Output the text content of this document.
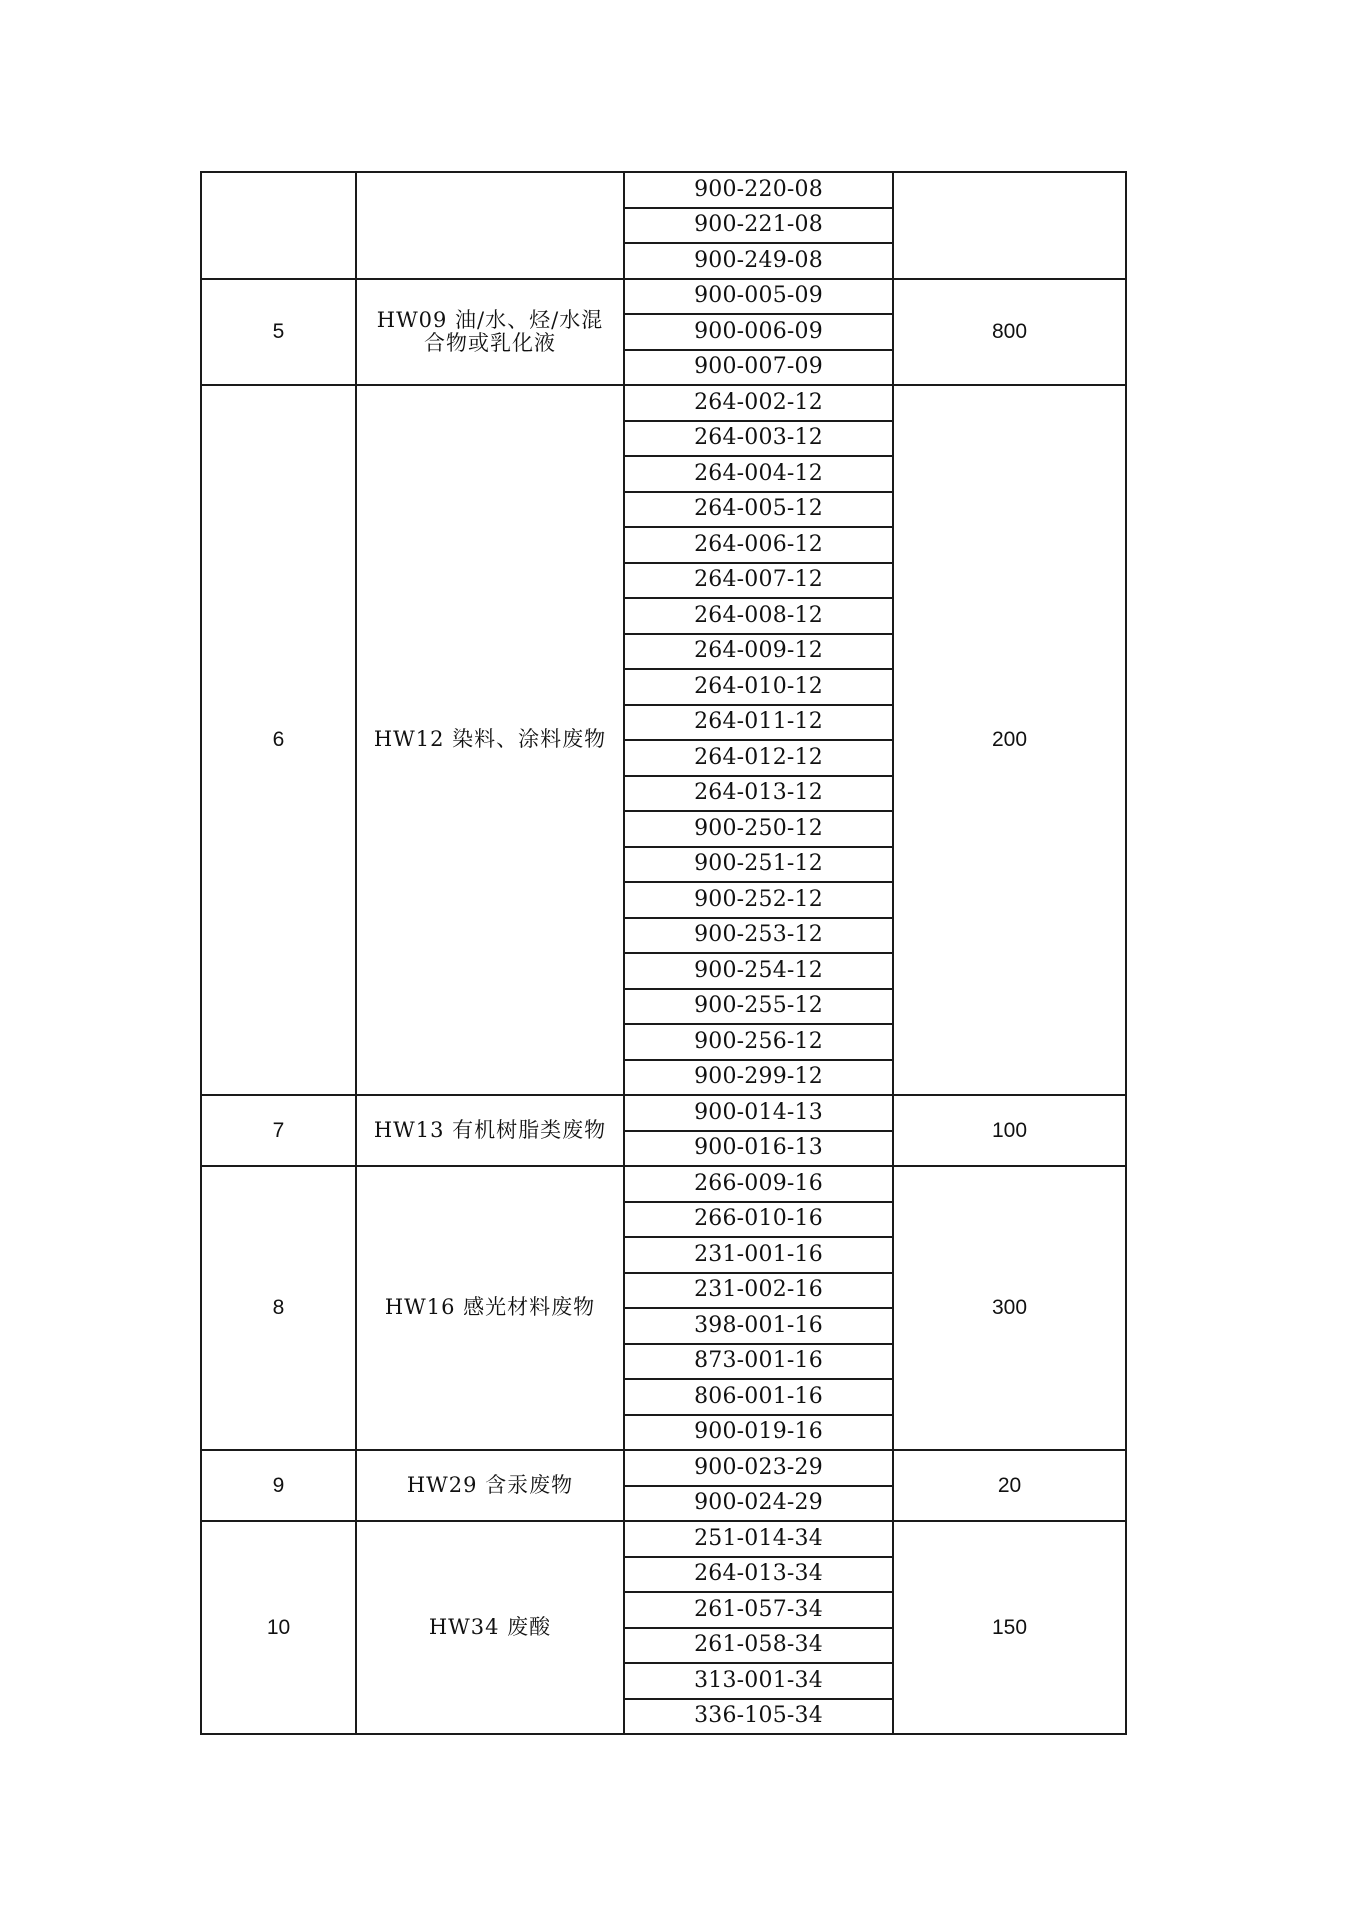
		900-220-08	
		900-221-08	
		900-249-08	
5	HW09 油/水、烃/水混合物或乳化液	900-005-09	800
		900-006-09	
		900-007-09	
6	HW12 染料、涂料废物	264-002-12	200
		264-003-12	
		264-004-12	
		264-005-12	
		264-006-12	
		264-007-12	
		264-008-12	
		264-009-12	
		264-010-12	
		264-011-12	
		264-012-12	
		264-013-12	
		900-250-12	
		900-251-12	
		900-252-12	
		900-253-12	
		900-254-12	
		900-255-12	
		900-256-12	
		900-299-12	
7	HW13 有机树脂类废物	900-014-13	100
		900-016-13	
8	HW16 感光材料废物	266-009-16	300
		266-010-16	
		231-001-16	
		231-002-16	
		398-001-16	
		873-001-16	
		806-001-16	
		900-019-16	
9	HW29 含汞废物	900-023-29	20
		900-024-29	
10	HW34 废酸	251-014-34	150
		264-013-34	
		261-057-34	
		261-058-34	
		313-001-34	
		336-105-34	
